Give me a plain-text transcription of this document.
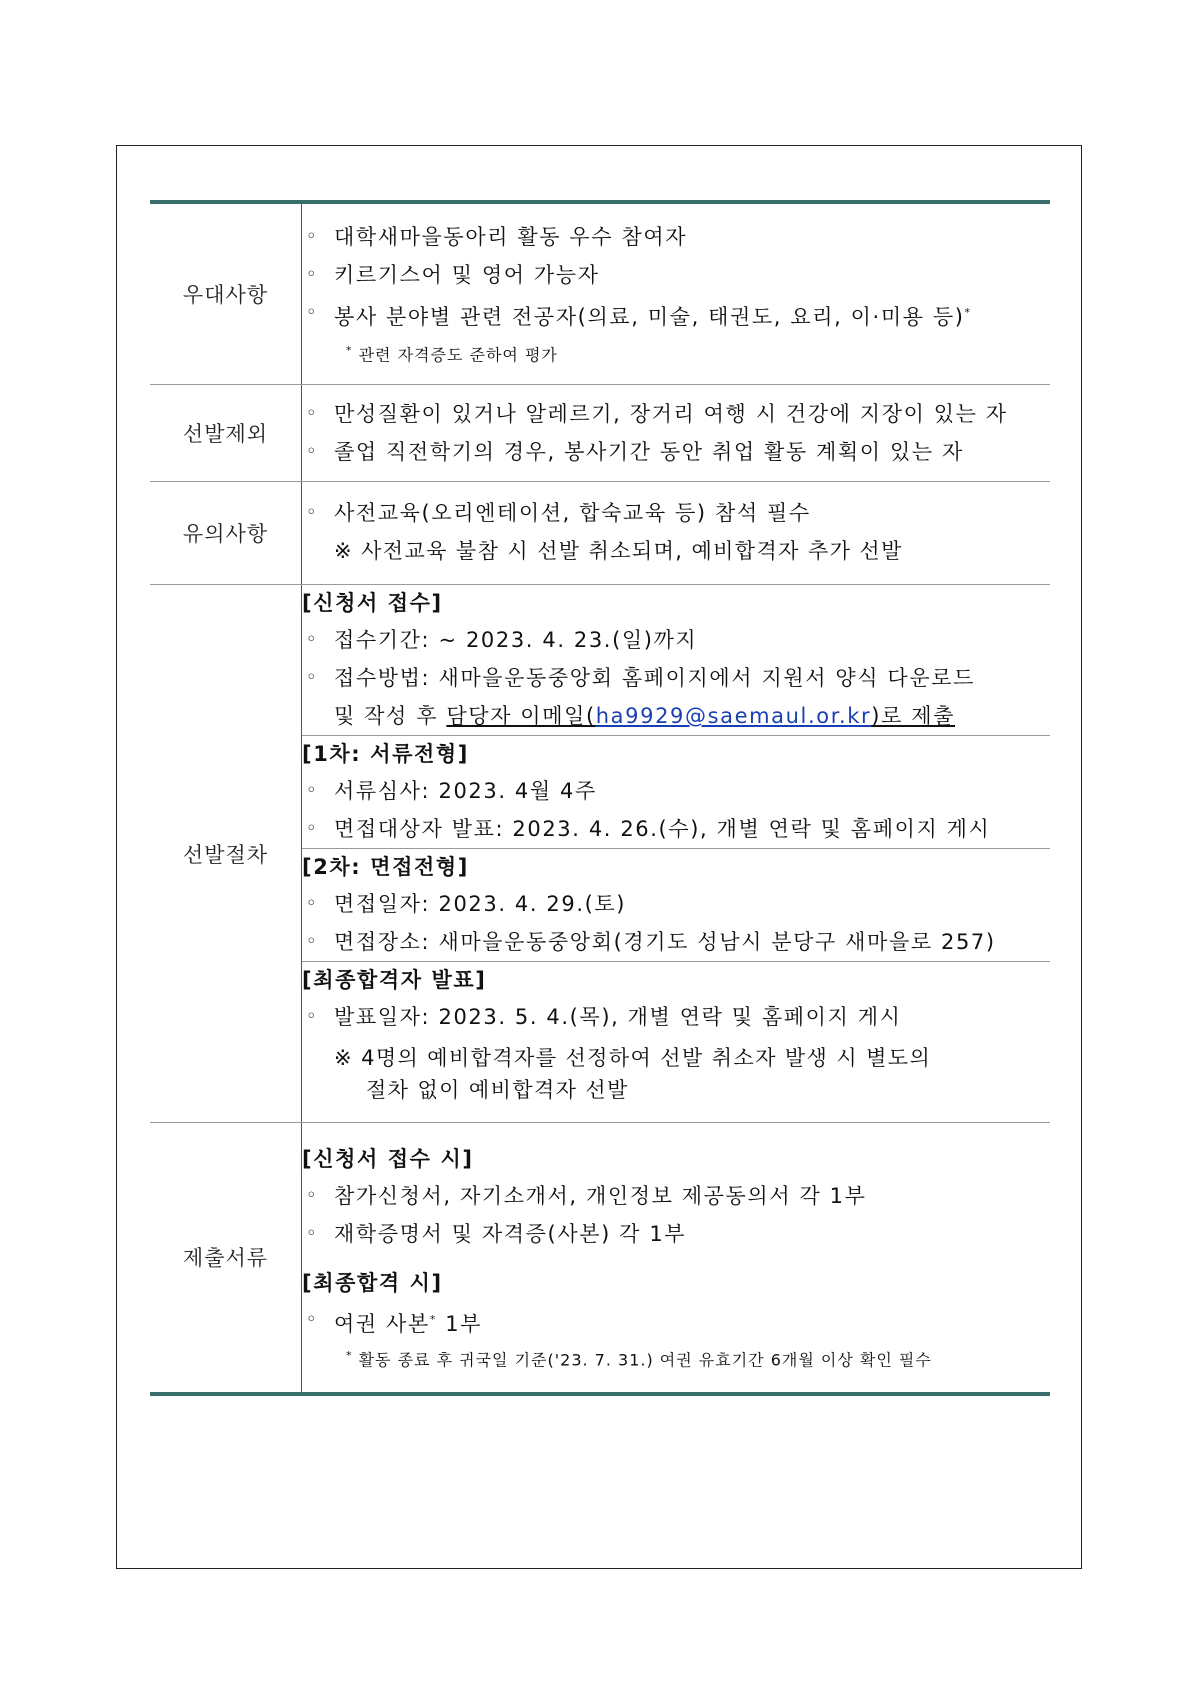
우대사항	
◦ 대학새마을동아리 활동 우수 참여자
◦ 키르기스어 및 영어 가능자
◦ 봉사 분야별 관련 전공자(의료, 미술, 태권도, 요리, 이·미용 등)*
* 관련 자격증도 준하여 평가

선발제외	
◦ 만성질환이 있거나 알레르기, 장거리 여행 시 건강에 지장이 있는 자
◦ 졸업 직전학기의 경우, 봉사기간 동안 취업 활동 계획이 있는 자

유의사항	
◦ 사전교육(오리엔테이션, 합숙교육 등) 참석 필수
※ 사전교육 불참 시 선발 취소되며, 예비합격자 추가 선발

선발절차	
[신청서 접수]
◦ 접수기간: ~ 2023. 4. 23.(일)까지
◦ 접수방법: 새마을운동중앙회 홈페이지에서 지원서 양식 다운로드
및 작성 후 담당자 이메일(ha9929@saemaul.or.kr)로 제출

[1차: 서류전형]
◦ 서류심사: 2023. 4월 4주
◦ 면접대상자 발표: 2023. 4. 26.(수), 개별 연락 및 홈페이지 게시

[2차: 면접전형]
◦ 면접일자: 2023. 4. 29.(토)
◦ 면접장소: 새마을운동중앙회(경기도 성남시 분당구 새마을로 257)

[최종합격자 발표]
◦ 발표일자: 2023. 5. 4.(목), 개별 연락 및 홈페이지 게시
※ 4명의 예비합격자를 선정하여 선발 취소자 발생 시 별도의
절차 없이 예비합격자 선발

제출서류	
[신청서 접수 시]
◦ 참가신청서, 자기소개서, 개인정보 제공동의서 각 1부
◦ 재학증명서 및 자격증(사본) 각 1부
[최종합격 시]
◦ 여권 사본* 1부
* 활동 종료 후 귀국일 기준('23. 7. 31.) 여권 유효기간 6개월 이상 확인 필수
